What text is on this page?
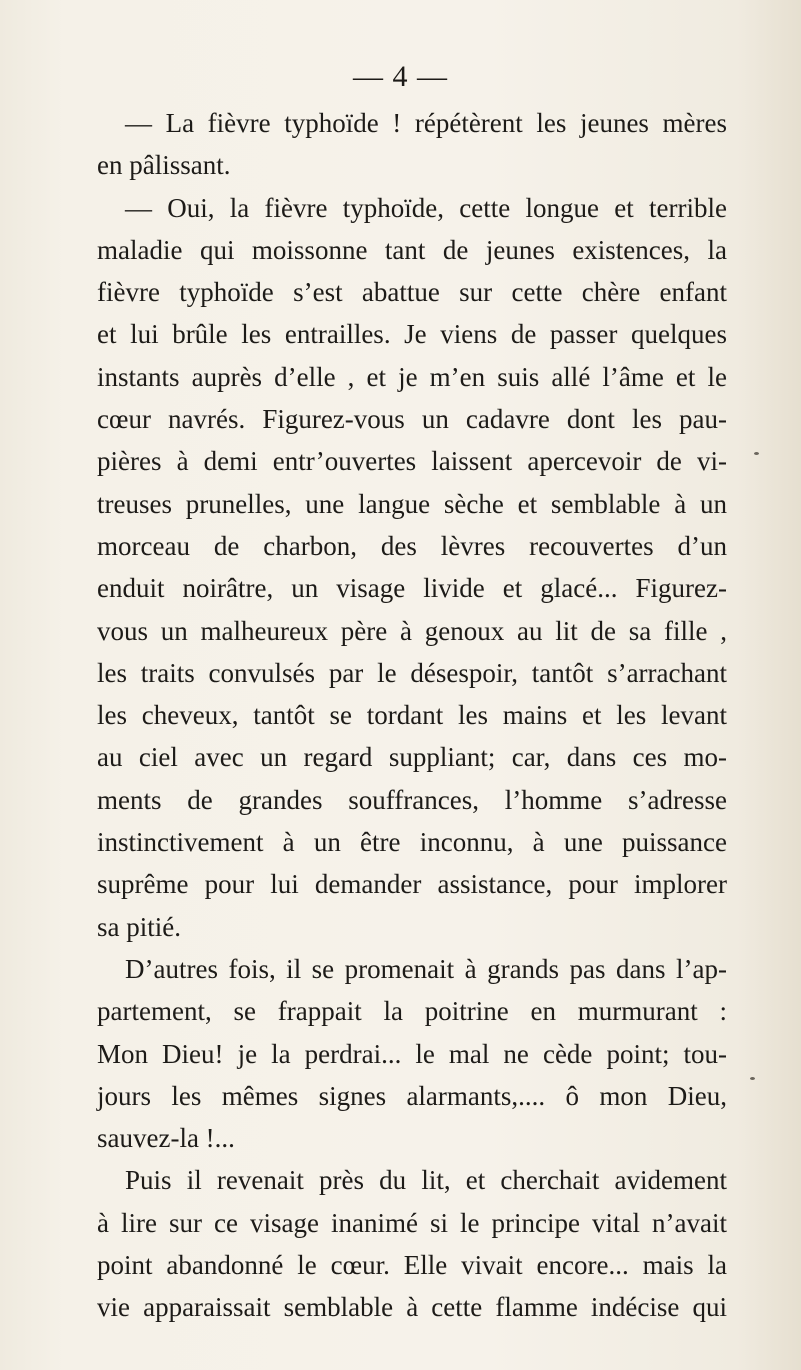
— 4 —
— La fièvre typhoïde ! répétèrent les jeunes mères
en pâlissant.
— Oui, la fièvre typhoïde, cette longue et terrible
maladie qui moissonne tant de jeunes existences, la
fièvre typhoïde s’est abattue sur cette chère enfant
et lui brûle les entrailles. Je viens de passer quelques
instants auprès d’elle , et je m’en suis allé l’âme et le
cœur navrés. Figurez-vous un cadavre dont les pau-
pières à demi entr’ouvertes laissent apercevoir de vi-
treuses prunelles, une langue sèche et semblable à un
morceau de charbon, des lèvres recouvertes d’un
enduit noirâtre, un visage livide et glacé... Figurez-
vous un malheureux père à genoux au lit de sa fille ,
les traits convulsés par le désespoir, tantôt s’arrachant
les cheveux, tantôt se tordant les mains et les levant
au ciel avec un regard suppliant; car, dans ces mo-
ments de grandes souffrances, l’homme s’adresse
instinctivement à un être inconnu, à une puissance
suprême pour lui demander assistance, pour implorer
sa pitié.
D’autres fois, il se promenait à grands pas dans l’ap-
partement, se frappait la poitrine en murmurant :
Mon Dieu! je la perdrai... le mal ne cède point; tou-
jours les mêmes signes alarmants,.... ô mon Dieu,
sauvez-la !...
Puis il revenait près du lit, et cherchait avidement
à lire sur ce visage inanimé si le principe vital n’avait
point abandonné le cœur. Elle vivait encore... mais la
vie apparaissait semblable à cette flamme indécise qui
